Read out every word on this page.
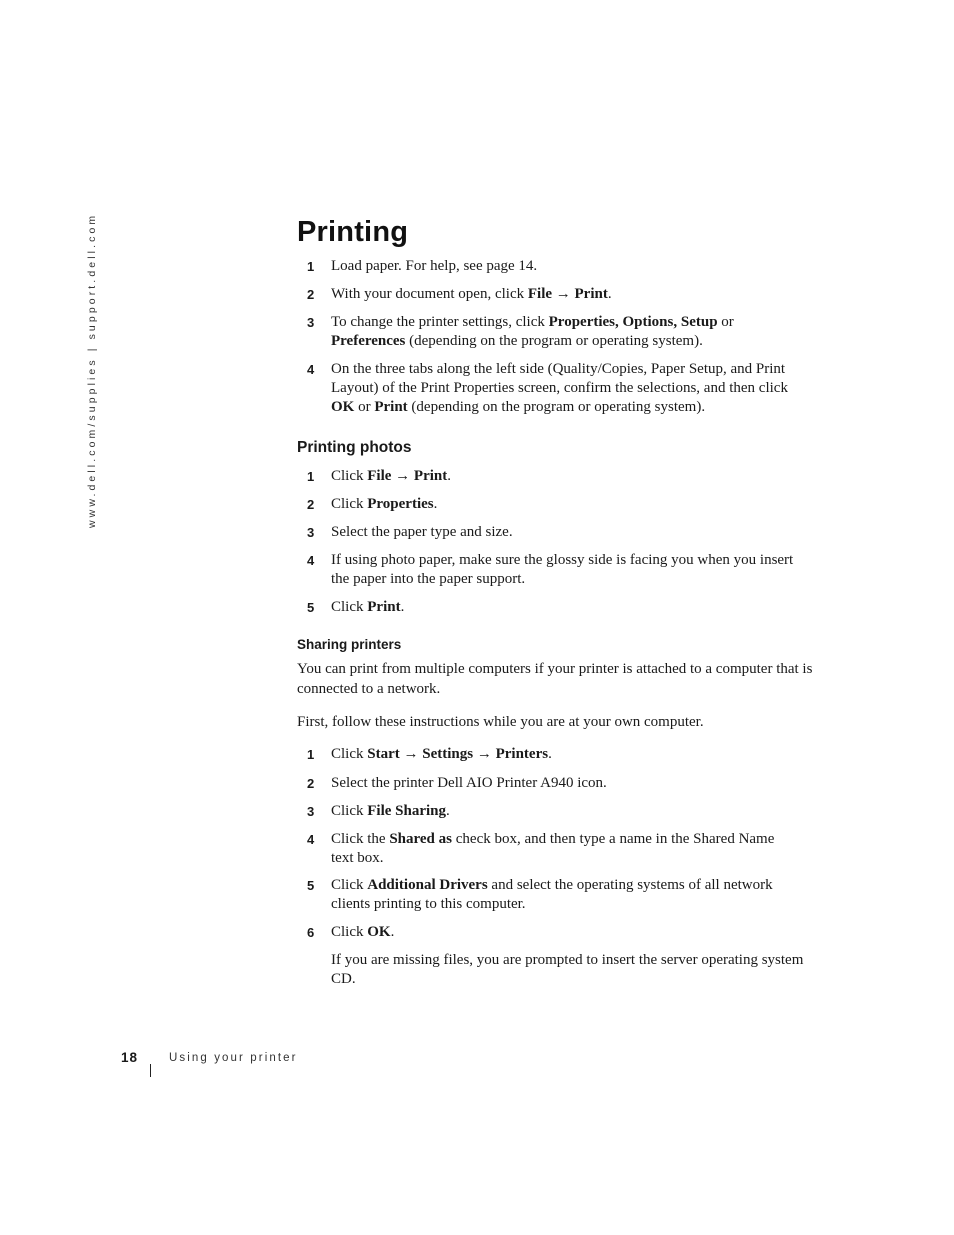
www.dell.com/supplies | support.dell.com	Printing
1	Load paper. For help, see page 14.
2	With your document open, click File → Print.
3	To change the printer settings, click Properties, Options, Setup or Preferences (depending on the program or operating system).
4	On the three tabs along the left side (Quality/Copies, Paper Setup, and Print Layout) of the Print Properties screen, confirm the selections, and then click OK or Print (depending on the program or operating system).
Printing photos
1	Click File → Print.
2	Click Properties.
3	Select the paper type and size.
4	If using photo paper, make sure the glossy side is facing you when you insert the paper into the paper support.
5	Click Print.
Sharing printers
You can print from multiple computers if your printer is attached to a computer that is connected to a network.
First, follow these instructions while you are at your own computer.
1	Click Start → Settings → Printers.
2	Select the printer Dell AIO Printer A940 icon.
3	Click File Sharing.
4	Click the Shared as check box, and then type a name in the Shared Name text box.
5	Click Additional Drivers and select the operating systems of all network clients printing to this computer.
6	Click OK.
If you are missing files, you are prompted to insert the server operating system CD.
18	Using your printer
